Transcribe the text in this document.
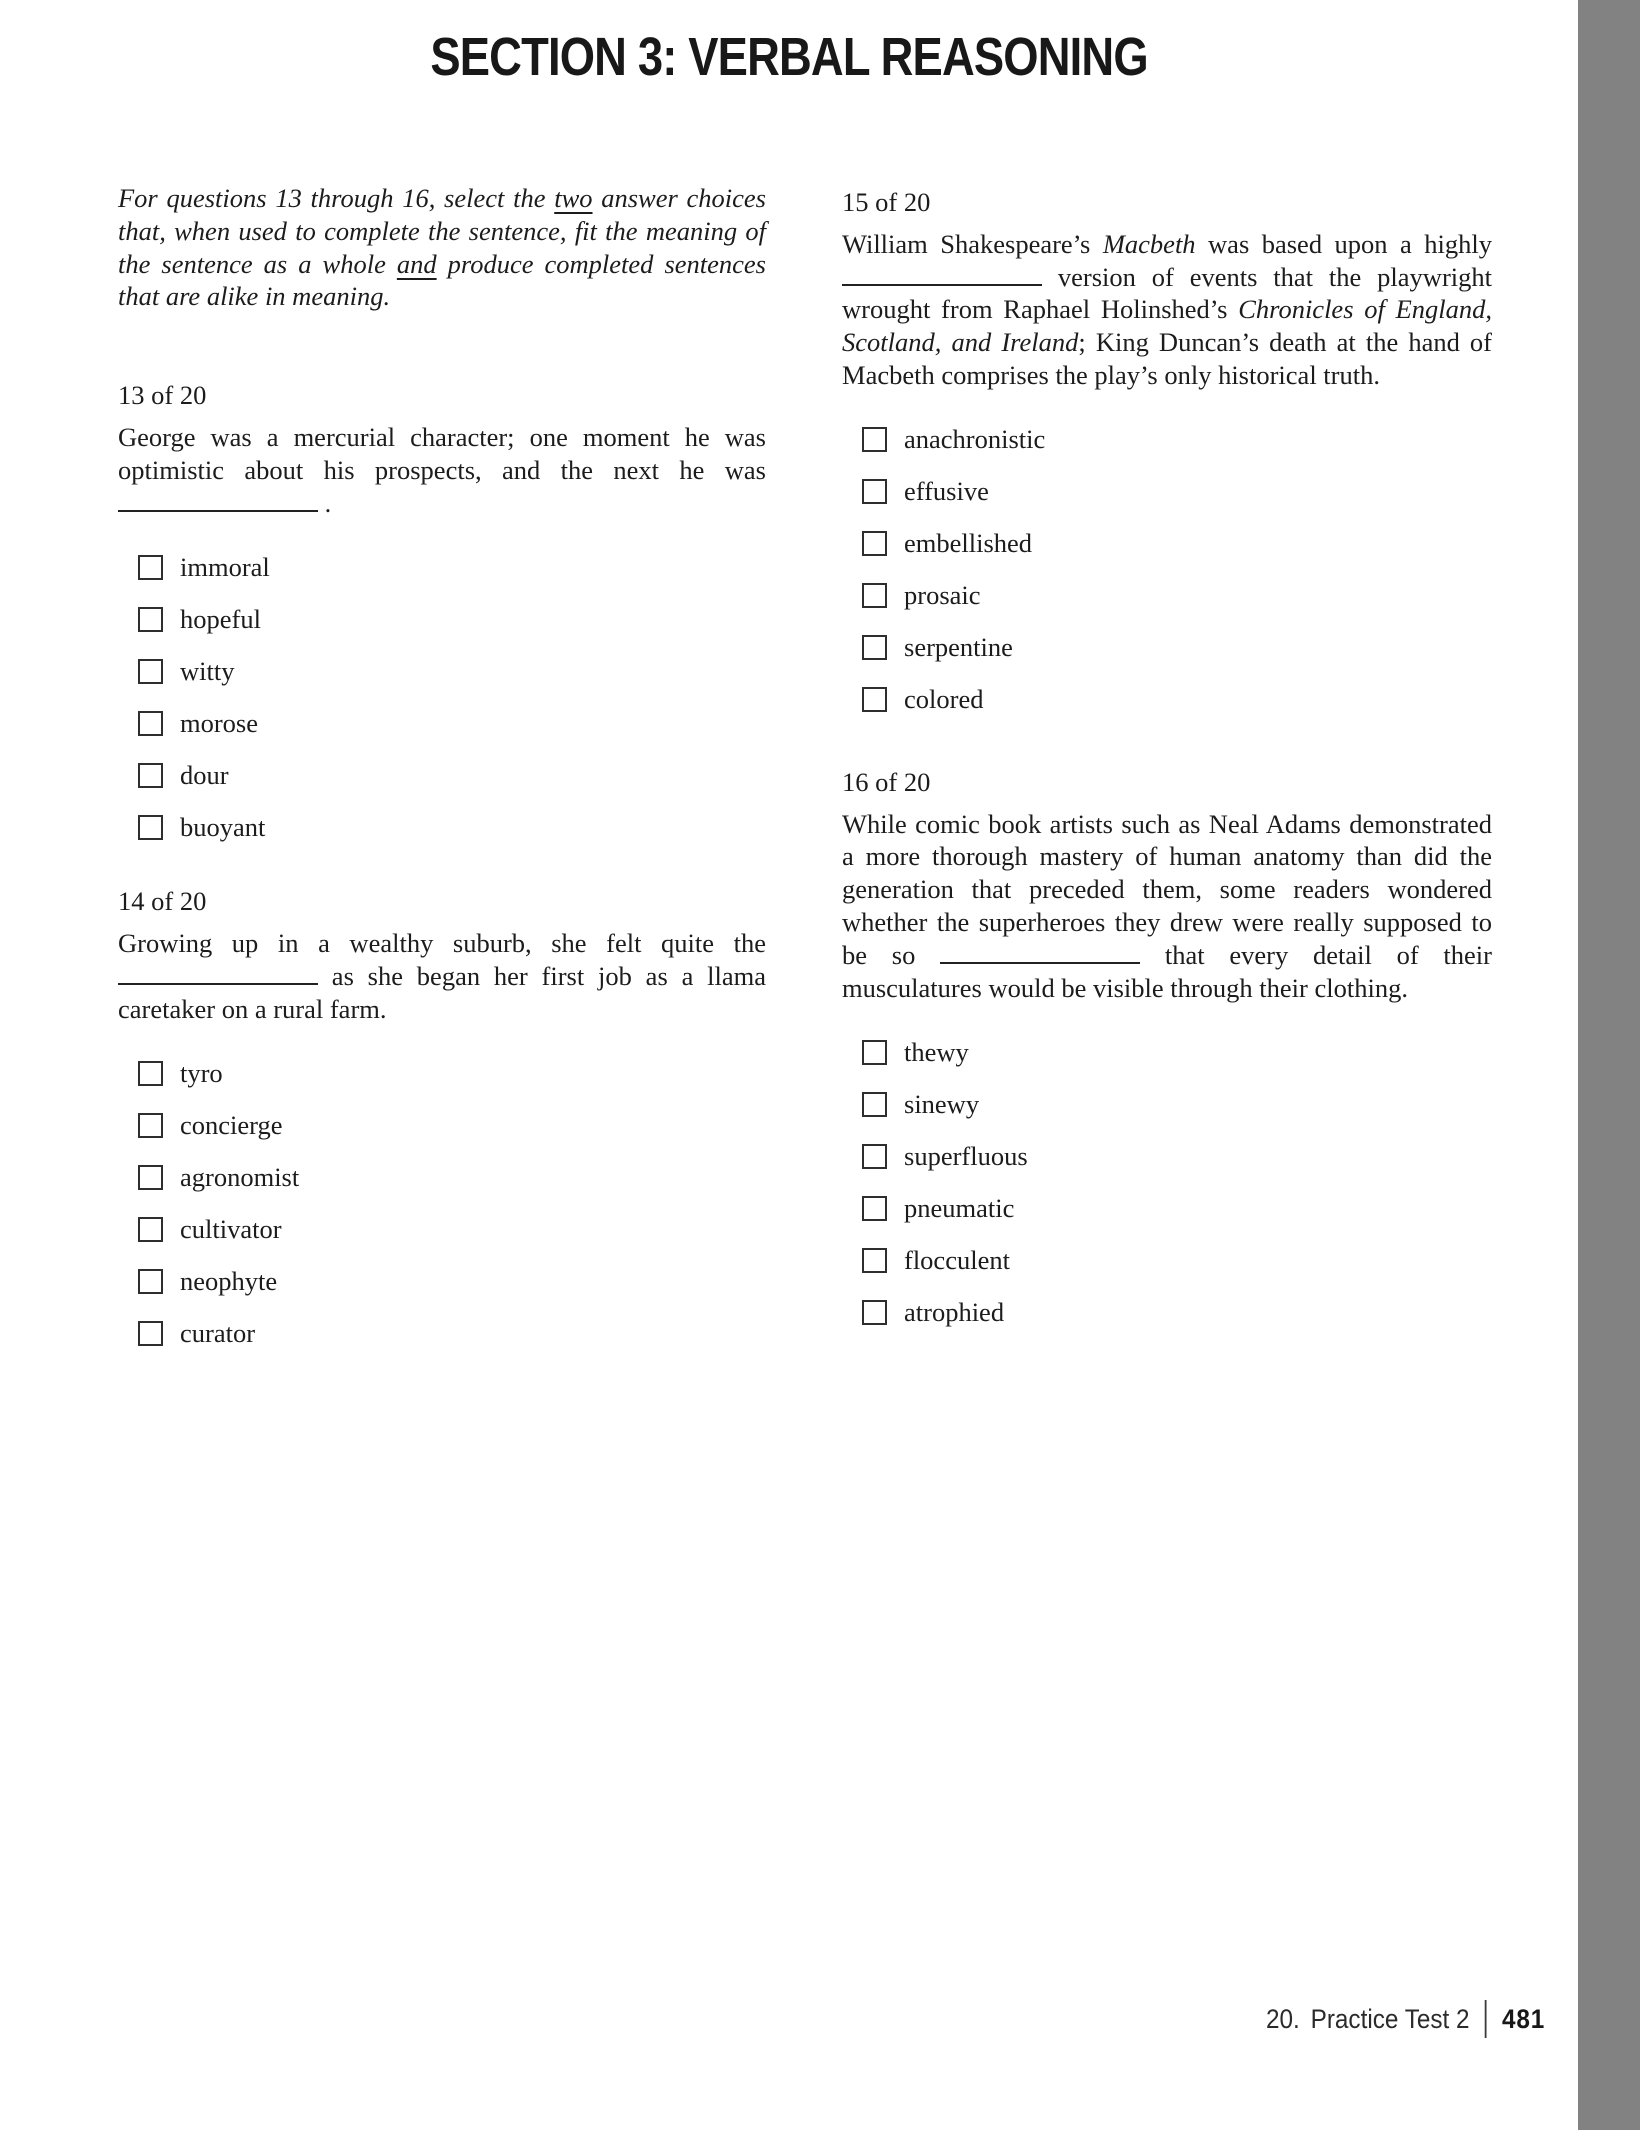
SECTION 3: VERBAL REASONING
For questions 13 through 16, select the two answer choices that, when used to complete the sentence, fit the meaning of the sentence as a whole and produce completed sentences that are alike in meaning.
13 of 20
George was a mercurial character; one moment he was optimistic about his prospects, and the next he was  .
immoral
hopeful
witty
morose
dour
buoyant
14 of 20
Growing up in a wealthy suburb, she felt quite the  as she began her first job as a llama caretaker on a rural farm.
tyro
concierge
agronomist
cultivator
neophyte
curator
15 of 20
William Shakespeare’s Macbeth was based upon a highly  version of events that the playwright wrought from Raphael Holinshed’s Chronicles of England, Scotland, and Ireland; King Duncan’s death at the hand of Macbeth comprises the play’s only historical truth.
anachronistic
effusive
embellished
prosaic
serpentine
colored
16 of 20
While comic book artists such as Neal Adams demonstrated a more thorough mastery of human anatomy than did the generation that preceded them, some readers wondered whether the superheroes they drew were really supposed to be so	that every detail of their musculatures would be visible through their clothing.
thewy
sinewy
superfluous
pneumatic
flocculent
atrophied
20. Practice Test 2 481
